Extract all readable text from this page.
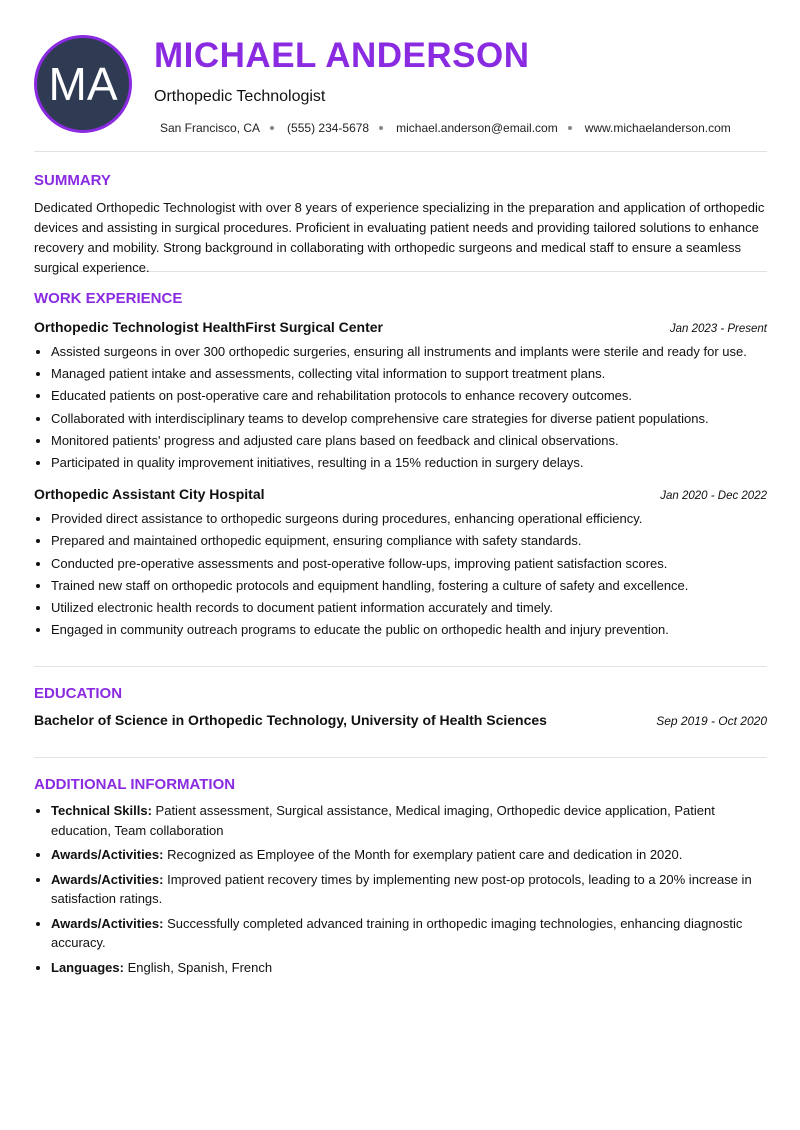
MA
MICHAEL ANDERSON
Orthopedic Technologist
San Francisco, CA (555) 234-5678 michael.anderson@email.com www.michaelanderson.com
SUMMARY

Dedicated Orthopedic Technologist with over 8 years of experience specializing in the preparation and application of orthopedic devices and assisting in surgical procedures. Proficient in evaluating patient needs and providing tailored solutions to enhance recovery and mobility. Strong background in collaborating with orthopedic surgeons and medical staff to ensure a seamless surgical experience.

WORK EXPERIENCE
Orthopedic Technologist HealthFirst Surgical Center	Jan 2023 - Present
• Assisted surgeons in over 300 orthopedic surgeries, ensuring all instruments and implants were sterile and ready for use.
• Managed patient intake and assessments, collecting vital information to support treatment plans.
• Educated patients on post-operative care and rehabilitation protocols to enhance recovery outcomes.
• Collaborated with interdisciplinary teams to develop comprehensive care strategies for diverse patient populations.
• Monitored patients' progress and adjusted care plans based on feedback and clinical observations.
• Participated in quality improvement initiatives, resulting in a 15% reduction in surgery delays.
Orthopedic Assistant City Hospital	Jan 2020 - Dec 2022
• Provided direct assistance to orthopedic surgeons during procedures, enhancing operational efficiency.
• Prepared and maintained orthopedic equipment, ensuring compliance with safety standards.
• Conducted pre-operative assessments and post-operative follow-ups, improving patient satisfaction scores.
• Trained new staff on orthopedic protocols and equipment handling, fostering a culture of safety and excellence.
• Utilized electronic health records to document patient information accurately and timely.
• Engaged in community outreach programs to educate the public on orthopedic health and injury prevention.
EDUCATION
Bachelor of Science in Orthopedic Technology, University of Health Sciences	Sep 2019 - Oct 2020
ADDITIONAL INFORMATION
• Technical Skills: Patient assessment, Surgical assistance, Medical imaging, Orthopedic device application, Patient education, Team collaboration
• Awards/Activities: Recognized as Employee of the Month for exemplary patient care and dedication in 2020.
• Awards/Activities: Improved patient recovery times by implementing new post-op protocols, leading to a 20% increase in satisfaction ratings.
• Awards/Activities: Successfully completed advanced training in orthopedic imaging technologies, enhancing diagnostic accuracy.
• Languages: English, Spanish, French
